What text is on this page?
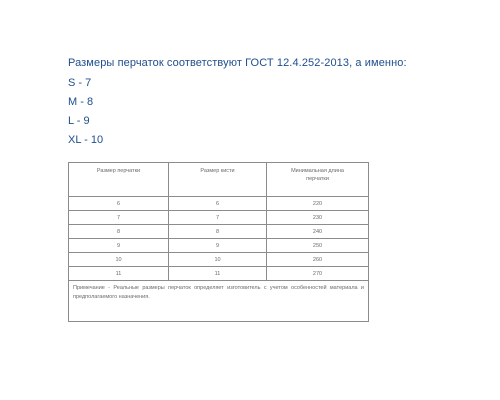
Размеры перчаток соответствуют ГОСТ 12.4.252-2013, а именно:

S - 7

M - 8

L - 9

XL - 10

Размер перчатки	Размер кисти	Минимальная длина перчатки
6	6	220
7	7	230
8	8	240
9	9	250
10	10	260
11	11	270
Примечание - Реальные размеры перчаток определяет изготовитель с учетом особенностей материала и предполагаемого назначения.		
